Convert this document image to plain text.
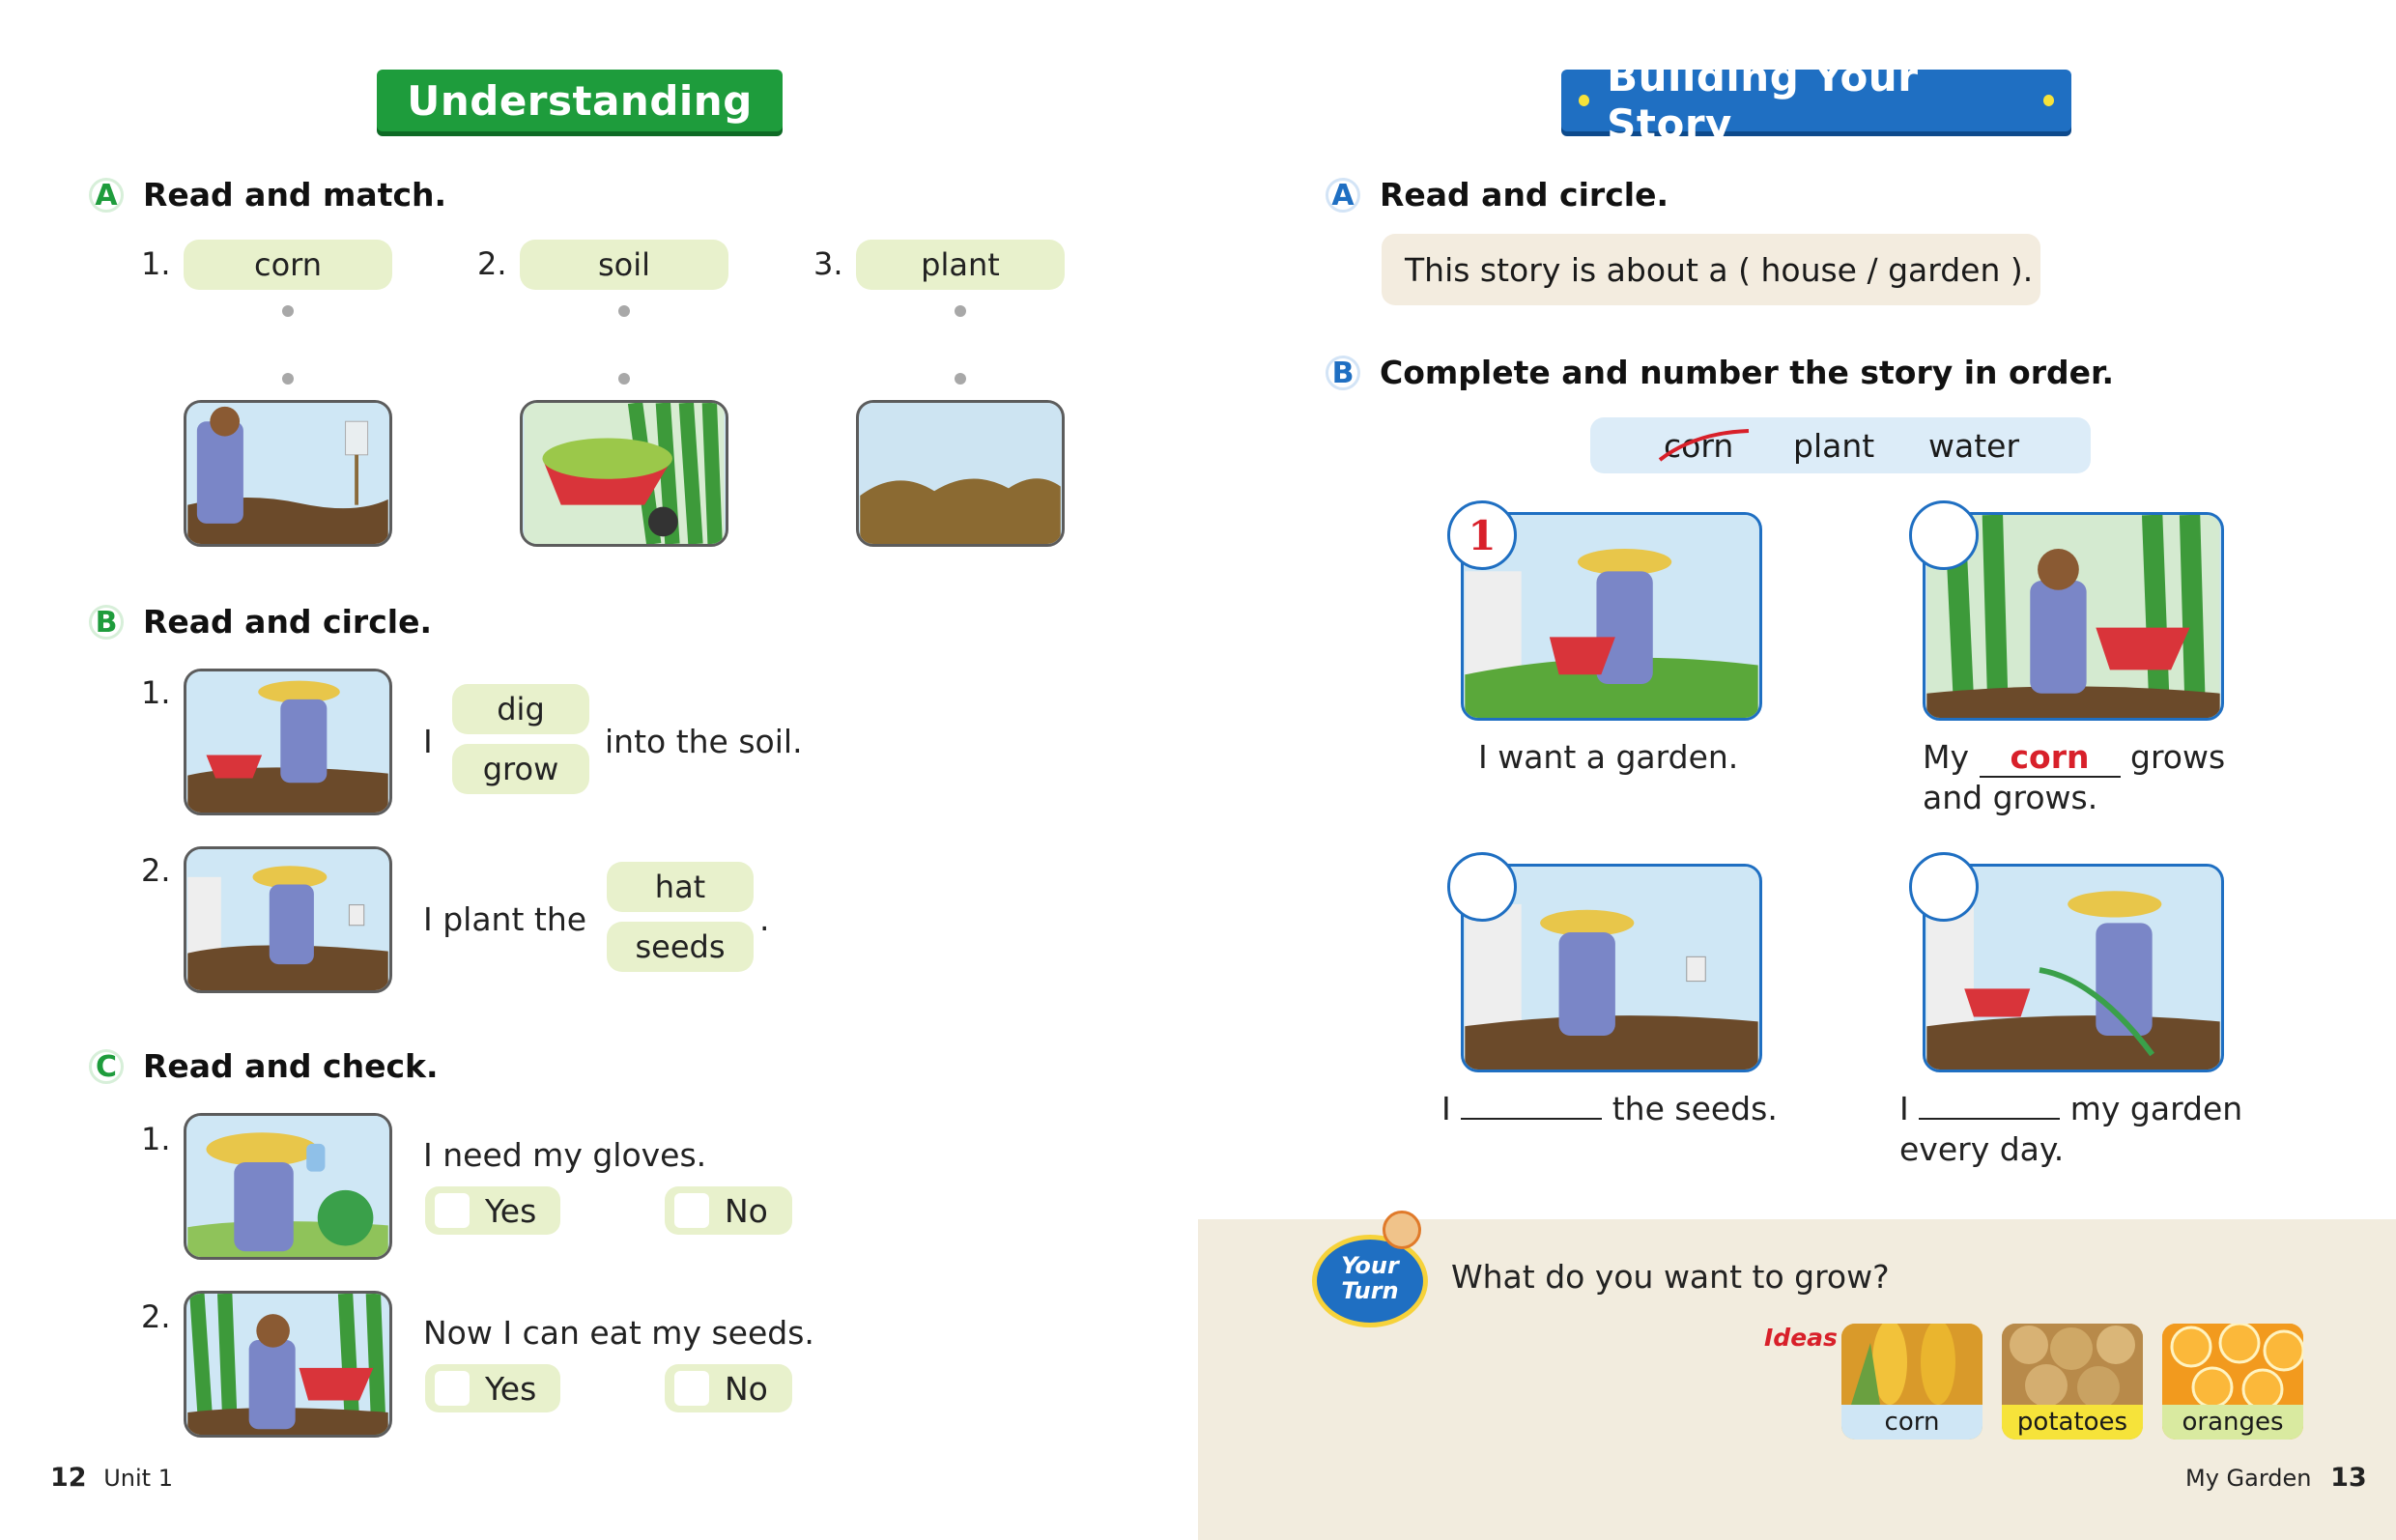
Understanding
A Read and match.
1.	corn	2.	soil	3.	plant
B Read and circle.
1.
I
dig
grow
into the soil.
2.
I plant the
hat
seeds
.
C Read and check.
1.	I need my gloves.
Yes	No
2.	Now I can eat my seeds.
Yes	No
12 Unit 1
Building Your Story
A Read and circle.
This story is about a ( house / garden ).
B Complete and number the story in order.
corn plant water
1
I want a garden.	My corn grows
and grows.
I	the seeds.	I	my garden
every day.
Your
Turn	What do you want to grow?
Ideas
corn	potatoes	oranges
My Garden 13
